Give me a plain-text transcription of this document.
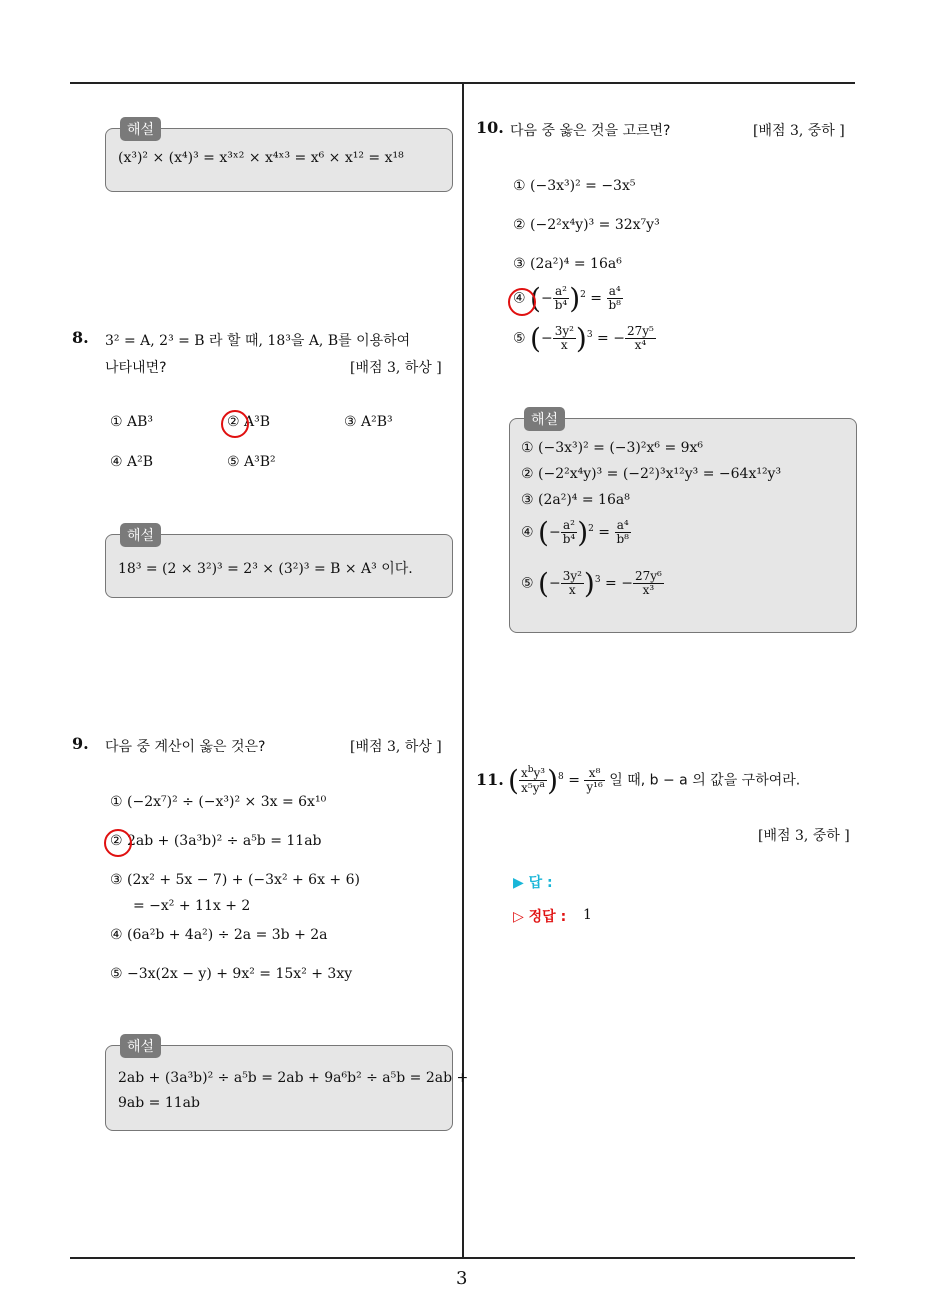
3
해설
(x³)² × (x⁴)³ = x³ˣ² × x⁴ˣ³ = x⁶ × x¹² = x¹⁸
8. 3² = A, 2³ = B 라 할 때, 18³을 A, B를 이용하여
나타내면?	[배점 3, 하상 ]
① AB³	② A³B	③ A²B³
④ A²B	⑤ A³B²
해설
18³ = (2 × 3²)³ = 2³ × (3²)³ = B × A³ 이다.
9. 다음 중 계산이 옳은 것은?	[배점 3, 하상 ]
① (−2x⁷)² ÷ (−x³)² × 3x = 6x¹⁰
② 2ab + (3a³b)² ÷ a⁵b = 11ab
③ (2x² + 5x − 7) + (−3x² + 6x + 6)
= −x² + 11x + 2
④ (6a²b + 4a²) ÷ 2a = 3b + 2a
⑤ −3x(2x − y) + 9x² = 15x² + 3xy
해설
2ab + (3a³b)² ÷ a⁵b = 2ab + 9a⁶b² ÷ a⁵b = 2ab +
9ab = 11ab
10. 다음 중 옳은 것을 고르면?	[배점 3, 중하 ]
① (−3x³)² = −3x⁵
② (−2²x⁴y)³ = 32x⁷y³
③ (2a²)⁴ = 16a⁶
④ (− $\frac{\text{a²}}{\text{b⁴}} )^2 = \frac{\text{a⁴}}{\text{b⁸}}$
⑤ (− $\frac{\text{3y²}}{x} )^3$ = − $\frac{\text{27y⁵}}{\text{x⁴}}$
해설
① (−3x³)² = (−3)²x⁶ = 9x⁶
② (−2²x⁴y)³ = (−2²)³x¹²y³ = −64x¹²y³
③ (2a²)⁴ = 16a⁸
④ (− $\frac{\text{a²}}{\text{b⁴}} )^2 = \frac{\text{a⁴}}{\text{b⁸}}$
⑤ (− $\frac{\text{3y²}}{x} )^3$ = − $\frac{\text{27y⁶}}{\text{x³}}$
11. ( $\frac{x^by^3}{x^5y^a} )^8 = \frac{\text{x⁸}}{\text{y¹⁶}}$ 일 때, b − a 의 값을 구하여라.
[배점 3, 중하 ]
▶ 답 :
▷ 정답 : 1
